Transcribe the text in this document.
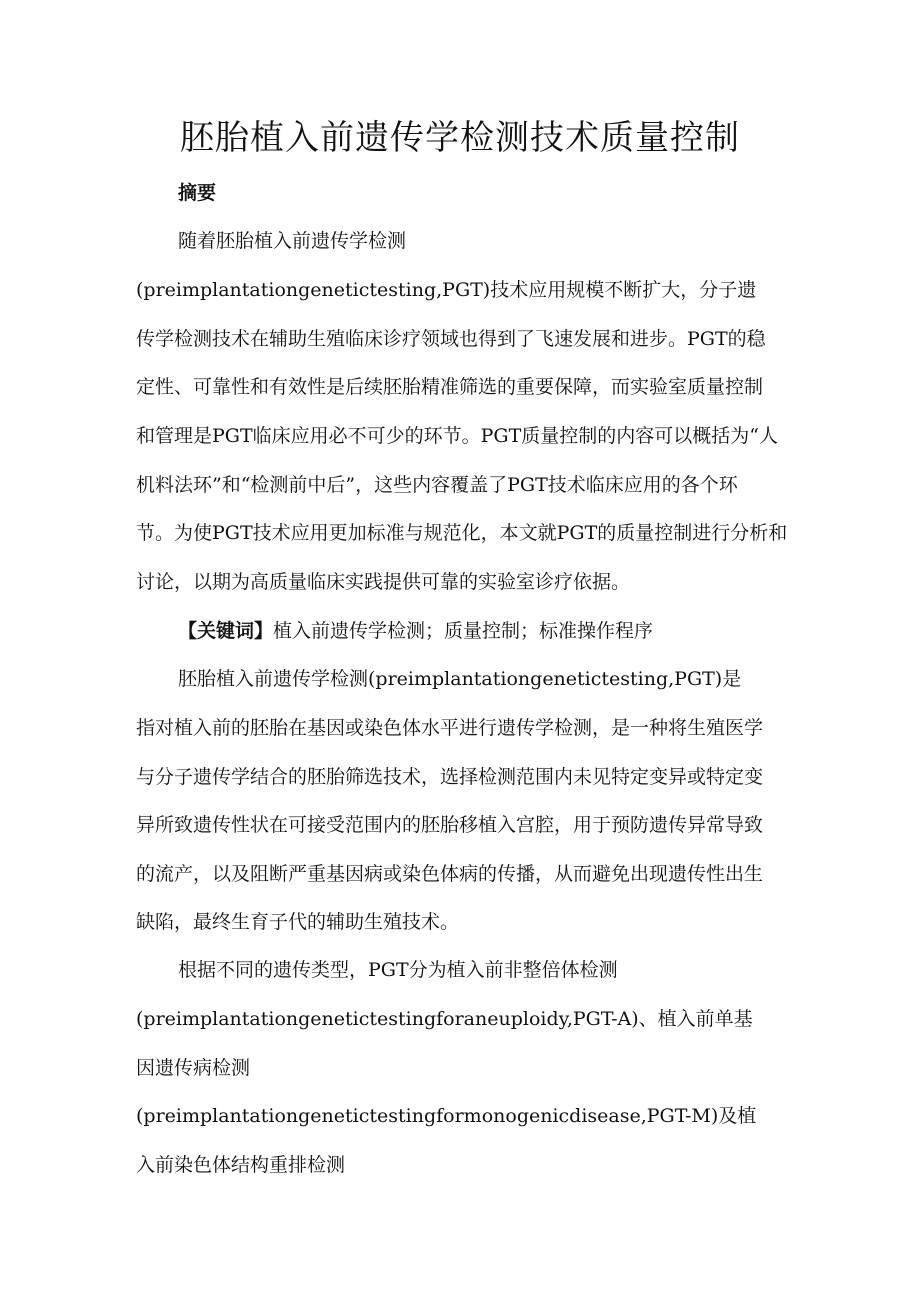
胚胎植入前遗传学检测技术质量控制
摘要

随着胚胎植入前遗传学检测

(preimplantationgenetictesting,PGT)技术应用规模不断扩大，分子遗

传学检测技术在辅助生殖临床诊疗领域也得到了飞速发展和进步。PGT的稳

定性、可靠性和有效性是后续胚胎精准筛选的重要保障，而实验室质量控制

和管理是PGT临床应用必不可少的环节。PGT质量控制的内容可以概括为“人

机料法环”和“检测前中后”，这些内容覆盖了PGT技术临床应用的各个环

节。为使PGT技术应用更加标准与规范化，本文就PGT的质量控制进行分析和

讨论，以期为高质量临床实践提供可靠的实验室诊疗依据。

【关键词】植入前遗传学检测；质量控制；标准操作程序

胚胎植入前遗传学检测(preimplantationgenetictesting,PGT)是

指对植入前的胚胎在基因或染色体水平进行遗传学检测，是一种将生殖医学

与分子遗传学结合的胚胎筛选技术，选择检测范围内未见特定变异或特定变

异所致遗传性状在可接受范围内的胚胎移植入宫腔，用于预防遗传异常导致

的流产，以及阻断严重基因病或染色体病的传播，从而避免出现遗传性出生

缺陷，最终生育子代的辅助生殖技术。

根据不同的遗传类型，PGT分为植入前非整倍体检测

(preimplantationgenetictestingforaneuploidy,PGT-A)、植入前单基

因遗传病检测

(preimplantationgenetictestingformonogenicdisease,PGT-M)及植

入前染色体结构重排检测
